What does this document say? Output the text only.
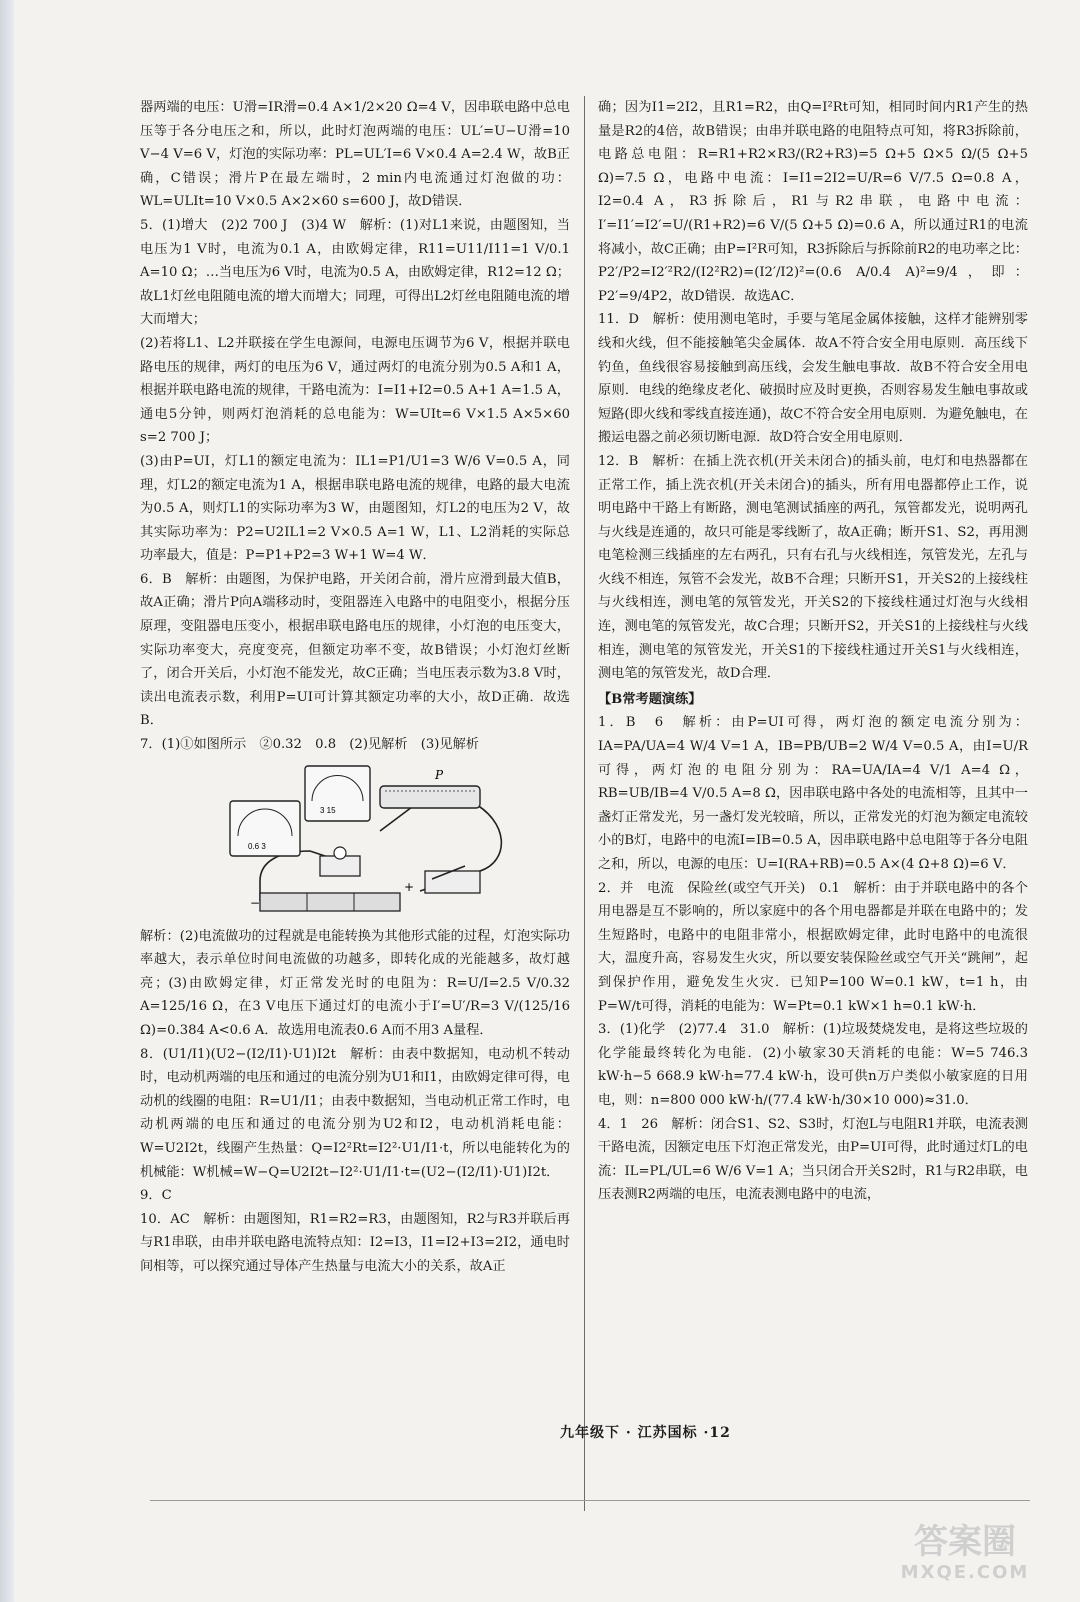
器两端的电压：U滑=IR滑=0.4 A×1/2×20 Ω=4 V，因串联电路中总电压等于各分电压之和，所以，此时灯泡两端的电压：UL′=U−U滑=10 V−4 V=6 V，灯泡的实际功率：PL=UL′I=6 V×0.4 A=2.4 W，故B正确，C错误；滑片P在最左端时，2 min内电流通过灯泡做的功：WL=ULIt=10 V×0.5 A×2×60 s=600 J，故D错误．

5．(1)增大　(2)2 700 J　(3)4 W　解析：(1)对L1来说，由题图知，当电压为1 V时，电流为0.1 A，由欧姆定律，R11=U11/I11=1 V/0.1 A=10 Ω；…当电压为6 V时，电流为0.5 A，由欧姆定律，R12=12 Ω；故L1灯丝电阻随电流的增大而增大；同理，可得出L2灯丝电阻随电流的增大而增大；

(2)若将L1、L2并联接在学生电源间，电源电压调节为6 V，根据并联电路电压的规律，两灯的电压为6 V，通过两灯的电流分别为0.5 A和1 A，根据并联电路电流的规律，干路电流为：I=I1+I2=0.5 A+1 A=1.5 A，通电5分钟，则两灯泡消耗的总电能为：W=UIt=6 V×1.5 A×5×60 s=2 700 J；

(3)由P=UI，灯L1的额定电流为：IL1=P1/U1=3 W/6 V=0.5 A，同理，灯L2的额定电流为1 A，根据串联电路电流的规律，电路的最大电流为0.5 A，则灯L1的实际功率为3 W，由题图知，灯L2的电压为2 V，故其实际功率为：P2=U2IL1=2 V×0.5 A=1 W，L1、L2消耗的实际总功率最大，值是：P=P1+P2=3 W+1 W=4 W．

6．B　解析：由题图，为保护电路，开关闭合前，滑片应滑到最大值B，故A正确；滑片P向A端移动时，变阻器连入电路中的电阻变小，根据分压原理，变阻器电压变小，根据串联电路电压的规律，小灯泡的电压变大，实际功率变大，亮度变亮，但额定功率不变，故B错误；小灯泡灯丝断了，闭合开关后，小灯泡不能发光，故C正确；当电压表示数为3.8 V时，读出电流表示数，利用P=UI可计算其额定功率的大小，故D正确．故选B．

7．(1)①如图所示　②0.32　0.8　(2)见解析　(3)见解析

0.6 3
3 15
P
−
+

解析：(2)电流做功的过程就是电能转换为其他形式能的过程，灯泡实际功率越大，表示单位时间电流做的功越多，即转化成的光能越多，故灯越亮；(3)由欧姆定律，灯正常发光时的电阻为：R=U/I=2.5 V/0.32 A=125/16 Ω，在3 V电压下通过灯的电流小于I′=U′/R=3 V/(125/16 Ω)=0.384 A<0.6 A．故选用电流表0.6 A而不用3 A量程．

8．(U1/I1)(U2−(I2/I1)·U1)I2t　解析：由表中数据知，电动机不转动时，电动机两端的电压和通过的电流分别为U1和I1，由欧姆定律可得，电动机的线圈的电阻：R=U1/I1；由表中数据知，当电动机正常工作时，电动机两端的电压和通过的电流分别为U2和I2，电动机消耗电能：W=U2I2t，线圈产生热量：Q=I2²Rt=I2²·U1/I1·t，所以电能转化为的机械能：W机械=W−Q=U2I2t−I2²·U1/I1·t=(U2−(I2/I1)·U1)I2t．

9．C

10．AC　解析：由题图知，R1=R2=R3，由题图知，R2与R3并联后再与R1串联，由串并联电路电流特点知：I2=I3，I1=I2+I3=2I2，通电时间相等，可以探究通过导体产生热量与电流大小的关系，故A正

确；因为I1=2I2，且R1=R2，由Q=I²Rt可知，相同时间内R1产生的热量是R2的4倍，故B错误；由串并联电路的电阻特点可知，将R3拆除前，电路总电阻：R=R1+R2×R3/(R2+R3)=5 Ω+5 Ω×5 Ω/(5 Ω+5 Ω)=7.5 Ω，电路中电流：I=I1=2I2=U/R=6 V/7.5 Ω=0.8 A，I2=0.4 A，R3拆除后，R1与R2串联，电路中电流：I′=I1′=I2′=U/(R1+R2)=6 V/(5 Ω+5 Ω)=0.6 A，所以通过R1的电流将减小，故C正确；由P=I²R可知，R3拆除后与拆除前R2的电功率之比：P2′/P2=I2′²R2/(I2²R2)=(I2′/I2)²=(0.6 A/0.4 A)²=9/4，即：P2′=9/4P2，故D错误．故选AC．

11．D　解析：使用测电笔时，手要与笔尾金属体接触，这样才能辨别零线和火线，但不能接触笔尖金属体．故A不符合安全用电原则．高压线下钓鱼，鱼线很容易接触到高压线，会发生触电事故．故B不符合安全用电原则．电线的绝缘皮老化、破损时应及时更换，否则容易发生触电事故或短路(即火线和零线直接连通)，故C不符合安全用电原则．为避免触电，在搬运电器之前必须切断电源．故D符合安全用电原则．

12．B　解析：在插上洗衣机(开关未闭合)的插头前，电灯和电热器都在正常工作，插上洗衣机(开关未闭合)的插头，所有用电器都停止工作，说明电路中干路上有断路，测电笔测试插座的两孔，氖管都发光，说明两孔与火线是连通的，故只可能是零线断了，故A正确；断开S1、S2，再用测电笔检测三线插座的左右两孔，只有右孔与火线相连，氖管发光，左孔与火线不相连，氖管不会发光，故B不合理；只断开S1，开关S2的上接线柱与火线相连，测电笔的氖管发光，开关S2的下接线柱通过灯泡与火线相连，测电笔的氖管发光，故C合理；只断开S2，开关S1的上接线柱与火线相连，测电笔的氖管发光，开关S1的下接线柱通过开关S1与火线相连，测电笔的氖管发光，故D合理．

【B常考题演练】

1．B　6　解析：由P=UI可得，两灯泡的额定电流分别为：IA=PA/UA=4 W/4 V=1 A，IB=PB/UB=2 W/4 V=0.5 A，由I=U/R可得，两灯泡的电阻分别为：RA=UA/IA=4 V/1 A=4 Ω，RB=UB/IB=4 V/0.5 A=8 Ω，因串联电路中各处的电流相等，且其中一盏灯正常发光，另一盏灯发光较暗，所以，正常发光的灯泡为额定电流较小的B灯，电路中的电流I=IB=0.5 A，因串联电路中总电阻等于各分电阻之和，所以，电源的电压：U=I(RA+RB)=0.5 A×(4 Ω+8 Ω)=6 V．

2．并　电流　保险丝(或空气开关)　0.1　解析：由于并联电路中的各个用电器是互不影响的，所以家庭中的各个用电器都是并联在电路中的；发生短路时，电路中的电阻非常小，根据欧姆定律，此时电路中的电流很大，温度升高，容易发生火灾，所以要安装保险丝或空气开关“跳闸”，起到保护作用，避免发生火灾．已知P=100 W=0.1 kW，t=1 h，由P=W/t可得，消耗的电能为：W=Pt=0.1 kW×1 h=0.1 kW·h．

3．(1)化学　(2)77.4　31.0　解析：(1)垃圾焚烧发电，是将这些垃圾的化学能最终转化为电能．(2)小敏家30天消耗的电能：W=5 746.3 kW·h−5 668.9 kW·h=77.4 kW·h，设可供n万户类似小敏家庭的日用电，则：n=800 000 kW·h/(77.4 kW·h/30×10 000)≈31.0．

4．1　26　解析：闭合S1、S2、S3时，灯泡L与电阻R1并联，电流表测干路电流，因额定电压下灯泡正常发光，由P=UI可得，此时通过灯L的电流：IL=PL/UL=6 W/6 V=1 A；当只闭合开关S2时，R1与R2串联，电压表测R2两端的电压，电流表测电路中的电流，

九年级下 · 江苏国标 ·12
答案圈
MXQE.COM
